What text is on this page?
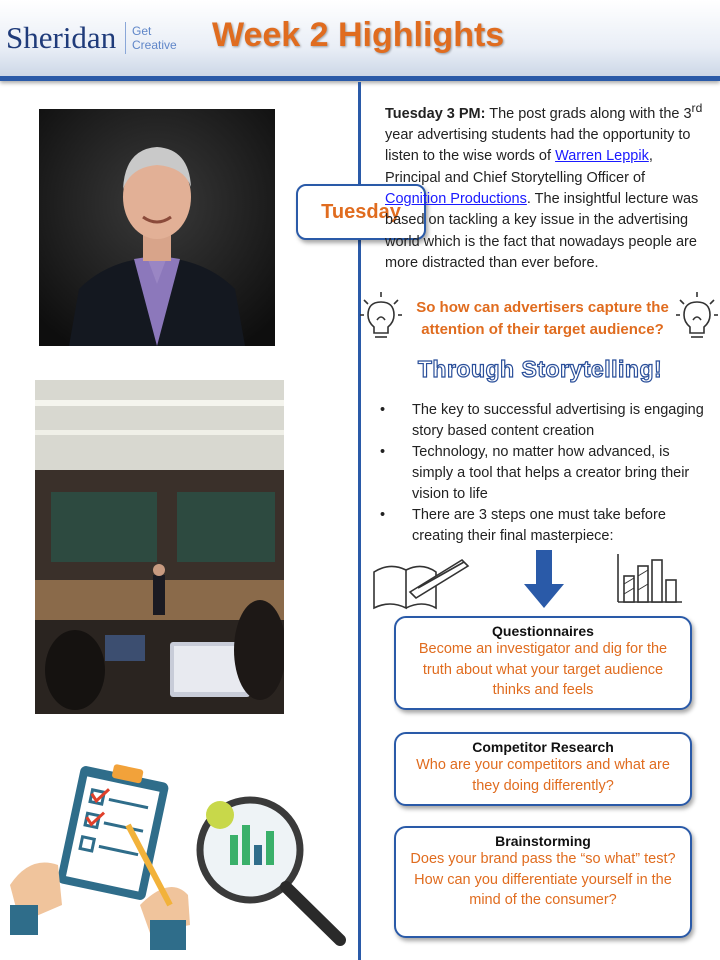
Sheridan Get
Creative Week 2 Highlights
Tuesday
Tuesday 3 PM: The post grads along with the 3rd year advertising students had the opportunity to listen to the wise words of Warren Leppik, Principal and Chief Storytelling Officer of Cognition Productions. The insightful lecture was based on tackling a key issue in the advertising world which is the fact that nowadays people are more distracted than ever before.
So how can advertisers capture the attention of their target audience?
Through Storytelling!
•	The key to successful advertising is engaging story based content creation
•	Technology, no matter how advanced, is simply a tool that helps a creator bring their vision to life
•	There are 3 steps one must take before creating their final masterpiece:
Questionnaires
Become an investigator and dig for the truth about what your target audience thinks and feels
Competitor Research
Who are your competitors and what are they doing differently?
Brainstorming
Does your brand pass the “so what” test? How can you differentiate yourself in the mind of the consumer?
